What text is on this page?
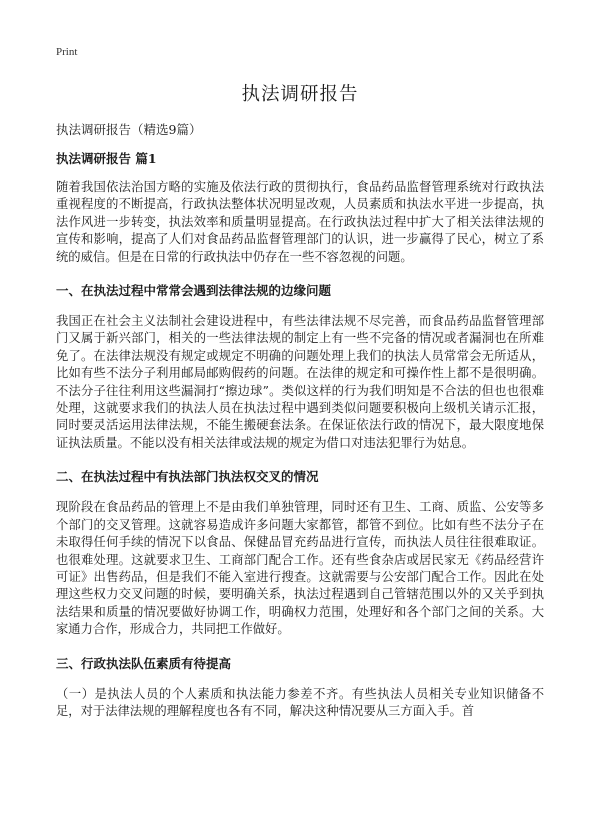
Print
执法调研报告
执法调研报告（精选9篇）
执法调研报告 篇1

随着我国依法治国方略的实施及依法行政的贯彻执行，食品药品监督管理系统对行政执法重视程度的不断提高，行政执法整体状况明显改观，人员素质和执法水平进一步提高，执法作风进一步转变，执法效率和质量明显提高。在行政执法过程中扩大了相关法律法规的宣传和影响，提高了人们对食品药品监督管理部门的认识，进一步赢得了民心，树立了系统的威信。但是在日常的行政执法中仍存在一些不容忽视的问题。

一、在执法过程中常常会遇到法律法规的边缘问题

我国正在社会主义法制社会建设进程中，有些法律法规不尽完善，而食品药品监督管理部门又属于新兴部门，相关的一些法律法规的制定上有一些不完备的情况或者漏洞也在所难免了。在法律法规没有规定或规定不明确的问题处理上我们的执法人员常常会无所适从，比如有些不法分子利用邮局邮购假药的问题。在法律的规定和可操作性上都不是很明确。不法分子往往利用这些漏洞打“擦边球”。类似这样的行为我们明知是不合法的但也也很难处理，这就要求我们的执法人员在执法过程中遇到类似问题要积极向上级机关请示汇报，同时要灵活运用法律法规，不能生搬硬套法条。在保证依法行政的情况下，最大限度地保证执法质量。不能以没有相关法律或法规的规定为借口对违法犯罪行为姑息。

二、在执法过程中有执法部门执法权交叉的情况

现阶段在食品药品的管理上不是由我们单独管理，同时还有卫生、工商、质监、公安等多个部门的交叉管理。这就容易造成许多问题大家都管，都管不到位。比如有些不法分子在未取得任何手续的情况下以食品、保健品冒充药品进行宣传，而执法人员往往很难取证。也很难处理。这就要求卫生、工商部门配合工作。还有些食杂店或居民家无《药品经营许可证》出售药品，但是我们不能入室进行搜查。这就需要与公安部门配合工作。因此在处理这些权力交叉问题的时候，要明确关系，执法过程遇到自己管辖范围以外的又关乎到执法结果和质量的情况要做好协调工作，明确权力范围，处理好和各个部门之间的关系。大家通力合作，形成合力，共同把工作做好。

三、行政执法队伍素质有待提高

（一）是执法人员的个人素质和执法能力参差不齐。有些执法人员相关专业知识储备不足，对于法律法规的理解程度也各有不同，解决这种情况要从三方面入手。首
